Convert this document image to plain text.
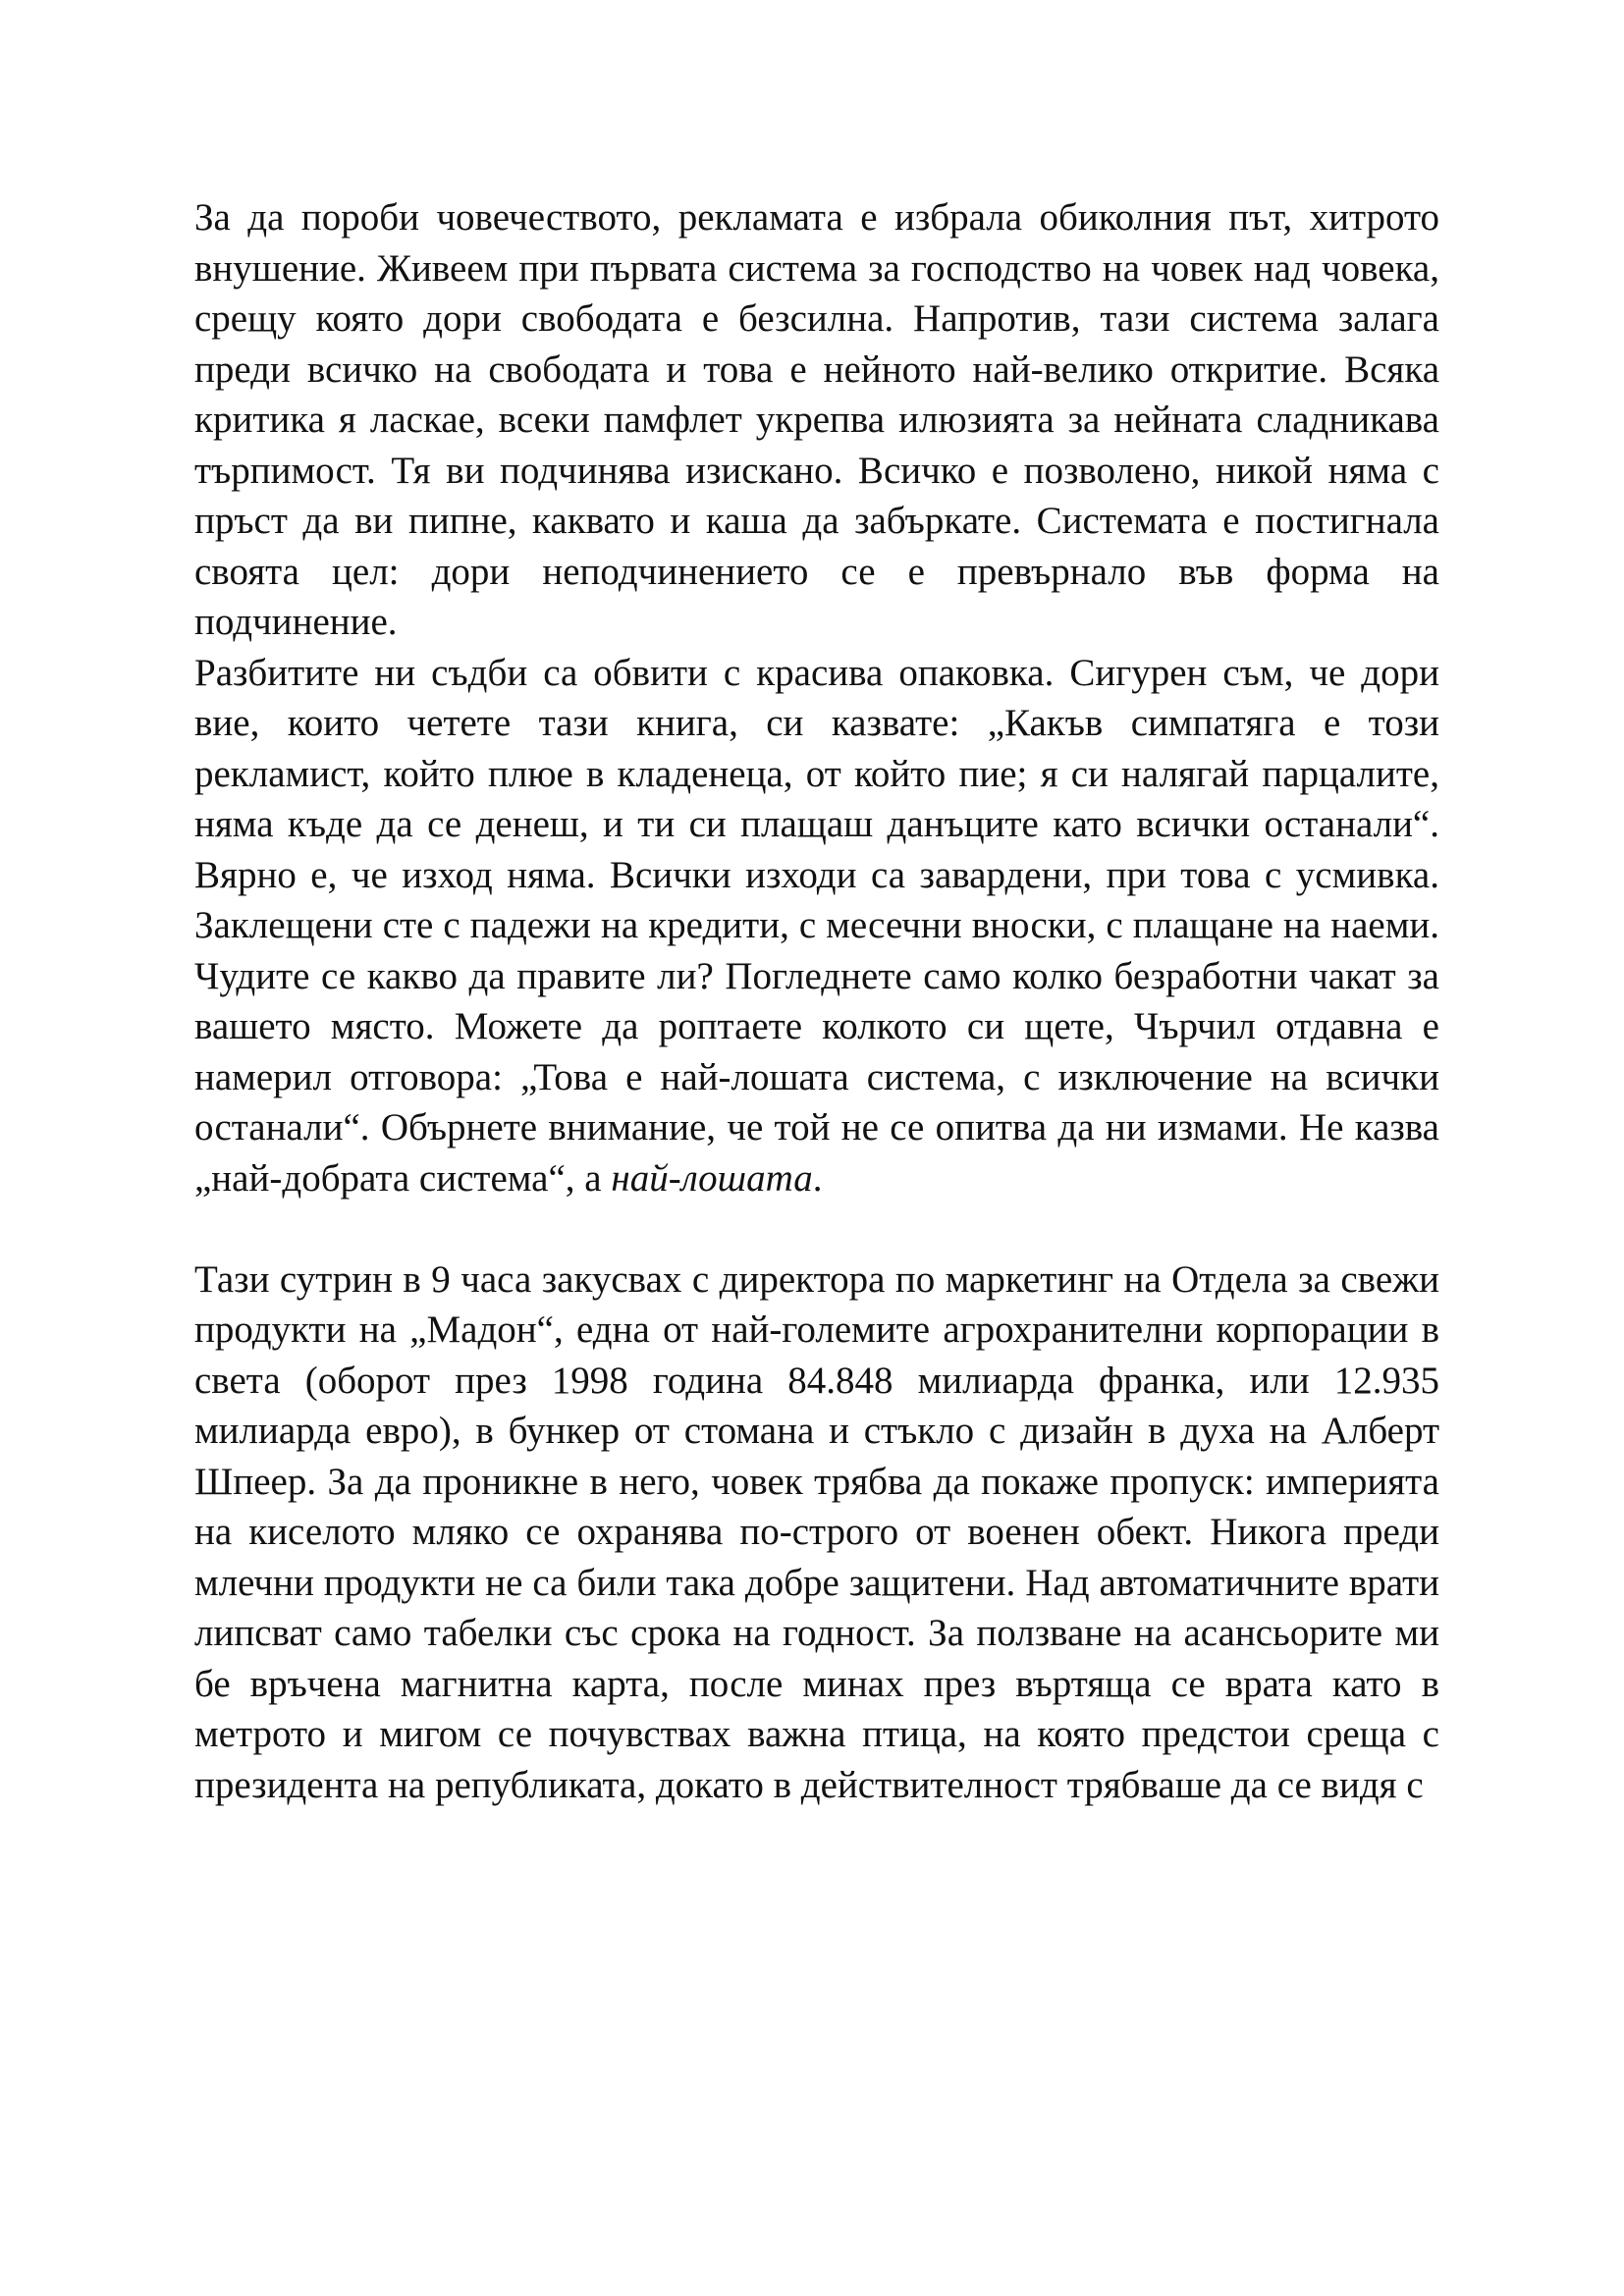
За да пороби човечеството, рекламата е избрала обиколния път, хитрото внушение. Живеем при първата система за господство на човек над човека, срещу която дори свободата е безсилна. Напротив, тази система залага преди всичко на свободата и това е нейното най-велико откритие. Всяка критика я ласкае, всеки памфлет укрепва илюзията за нейната сладникава търпимост. Тя ви подчинява изискано. Всичко е позволено, никой няма с пръст да ви пипне, каквато и каша да забъркате. Системата е постигнала своята цел: дори неподчинението се е превърнало във форма на подчинение.

Разбитите ни съдби са обвити с красива опаковка. Сигурен съм, че дори вие, които четете тази книга, си казвате: „Какъв симпатяга е този рекламист, който плюе в кладенеца, от който пие; я си налягай парцалите, няма къде да се денеш, и ти си плащаш данъците като всички останали“. Вярно е, че изход няма. Всички изходи са завардени, при това с усмивка. Заклещени сте с падежи на кредити, с месечни вноски, с плащане на наеми. Чудите се какво да правите ли? Погледнете само колко безработни чакат за вашето място. Можете да роптаете колкото си щете, Чърчил отдавна е намерил отговора: „Това е най-лошата система, с изключение на всички останали“. Обърнете внимание, че той не се опитва да ни измами. Не казва „най-добрата система“, а най-лошата.

Тази сутрин в 9 часа закусвах с директора по маркетинг на Отдела за свежи продукти на „Мадон“, една от най-големите агрохранителни корпорации в света (оборот през 1998 година 84.848 милиарда франка, или 12.935 милиарда евро), в бункер от стомана и стъкло с дизайн в духа на Алберт Шпеер. За да проникне в него, човек трябва да покаже пропуск: империята на киселото мляко се охранява по-строго от военен обект. Никога преди млечни продукти не са били така добре защитени. Над автоматичните врати липсват само табелки със срока на годност. За ползване на асансьорите ми бе връчена магнитна карта, после минах през въртяща се врата като в метрото и мигом се почувствах важна птица, на която предстои среща с президента на републиката, докато в действителност трябваше да се видя с
